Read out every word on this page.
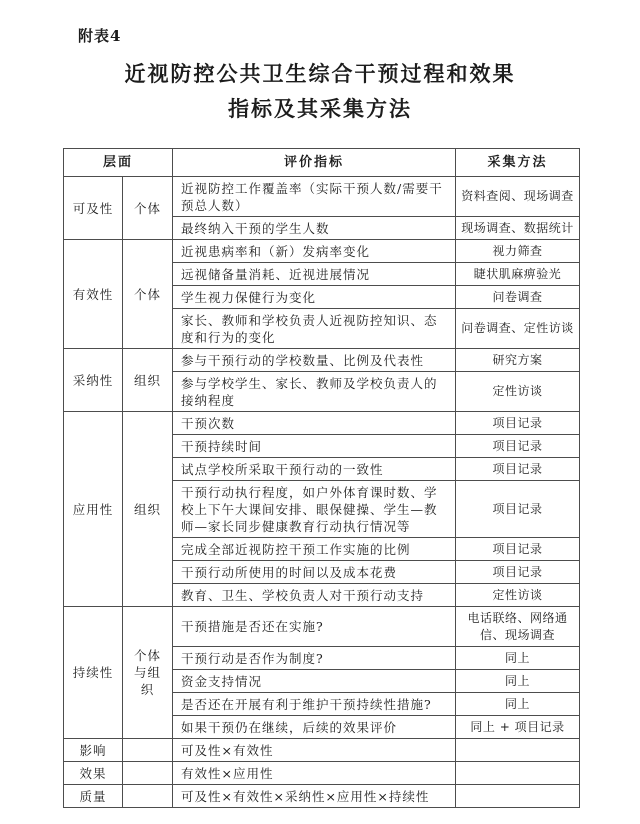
附表4
近视防控公共卫生综合干预过程和效果
指标及其采集方法
层面		评价指标	采集方法
可及性	个体	近视防控工作覆盖率（实际干预人数/需要干预总人数）	资料查阅、现场调查
		最终纳入干预的学生人数	现场调查、数据统计
有效性	个体	近视患病率和（新）发病率变化	视力筛查
		远视储备量消耗、近视进展情况	睫状肌麻痹验光
		学生视力保健行为变化	问卷调查
		家长、教师和学校负责人近视防控知识、态度和行为的变化	问卷调查、定性访谈
采纳性	组织	参与干预行动的学校数量、比例及代表性	研究方案
		参与学校学生、家长、教师及学校负责人的接纳程度	定性访谈
应用性	组织	干预次数	项目记录
		干预持续时间	项目记录
		试点学校所采取干预行动的一致性	项目记录
		干预行动执行程度，如户外体育课时数、学校上下午大课间安排、眼保健操、学生—教师—家长同步健康教育行动执行情况等	项目记录
		完成全部近视防控干预工作实施的比例	项目记录
		干预行动所使用的时间以及成本花费	项目记录
		教育、卫生、学校负责人对干预行动支持	定性访谈
持续性	个体与组织	干预措施是否还在实施?	电话联络、网络通信、现场调查
		干预行动是否作为制度?	同上
		资金支持情况	同上
		是否还在开展有利于维护干预持续性措施?	同上
		如果干预仍在继续，后续的效果评价	同上 + 项目记录
影响		可及性×有效性	
效果		有效性×应用性	
质量		可及性×有效性×采纳性×应用性×持续性	
